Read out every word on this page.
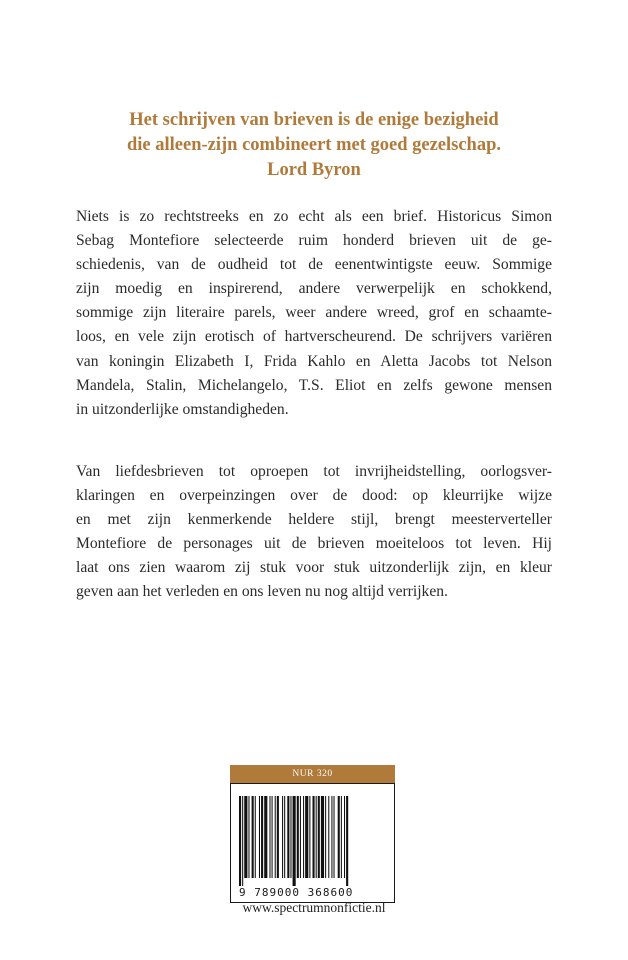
Het schrijven van brieven is de enige bezigheid
die alleen-zijn combineert met goed gezelschap.
Lord Byron
Niets is zo rechtstreeks en zo echt als een brief. Historicus Simon
Sebag Montefiore selecteerde ruim honderd brieven uit de ge-
schiedenis, van de oudheid tot de eenentwintigste eeuw. Sommige
zijn moedig en inspirerend, andere verwerpelijk en schokkend,
sommige zijn literaire parels, weer andere wreed, grof en schaamte-
loos, en vele zijn erotisch of hartverscheurend. De schrijvers variëren
van koningin Elizabeth I, Frida Kahlo en Aletta Jacobs tot Nelson
Mandela, Stalin, Michelangelo, T.S. Eliot en zelfs gewone mensen
in uitzonderlijke omstandigheden.
Van liefdesbrieven tot oproepen tot invrijheidstelling, oorlogsver-
klaringen en overpeinzingen over de dood: op kleurrijke wijze
en met zijn kenmerkende heldere stijl, brengt meesterverteller
Montefiore de personages uit de brieven moeiteloos tot leven. Hij
laat ons zien waarom zij stuk voor stuk uitzonderlijk zijn, en kleur
geven aan het verleden en ons leven nu nog altijd verrijken.
NUR 320
9 789000 368600
www.spectrumnonfictie.nl
